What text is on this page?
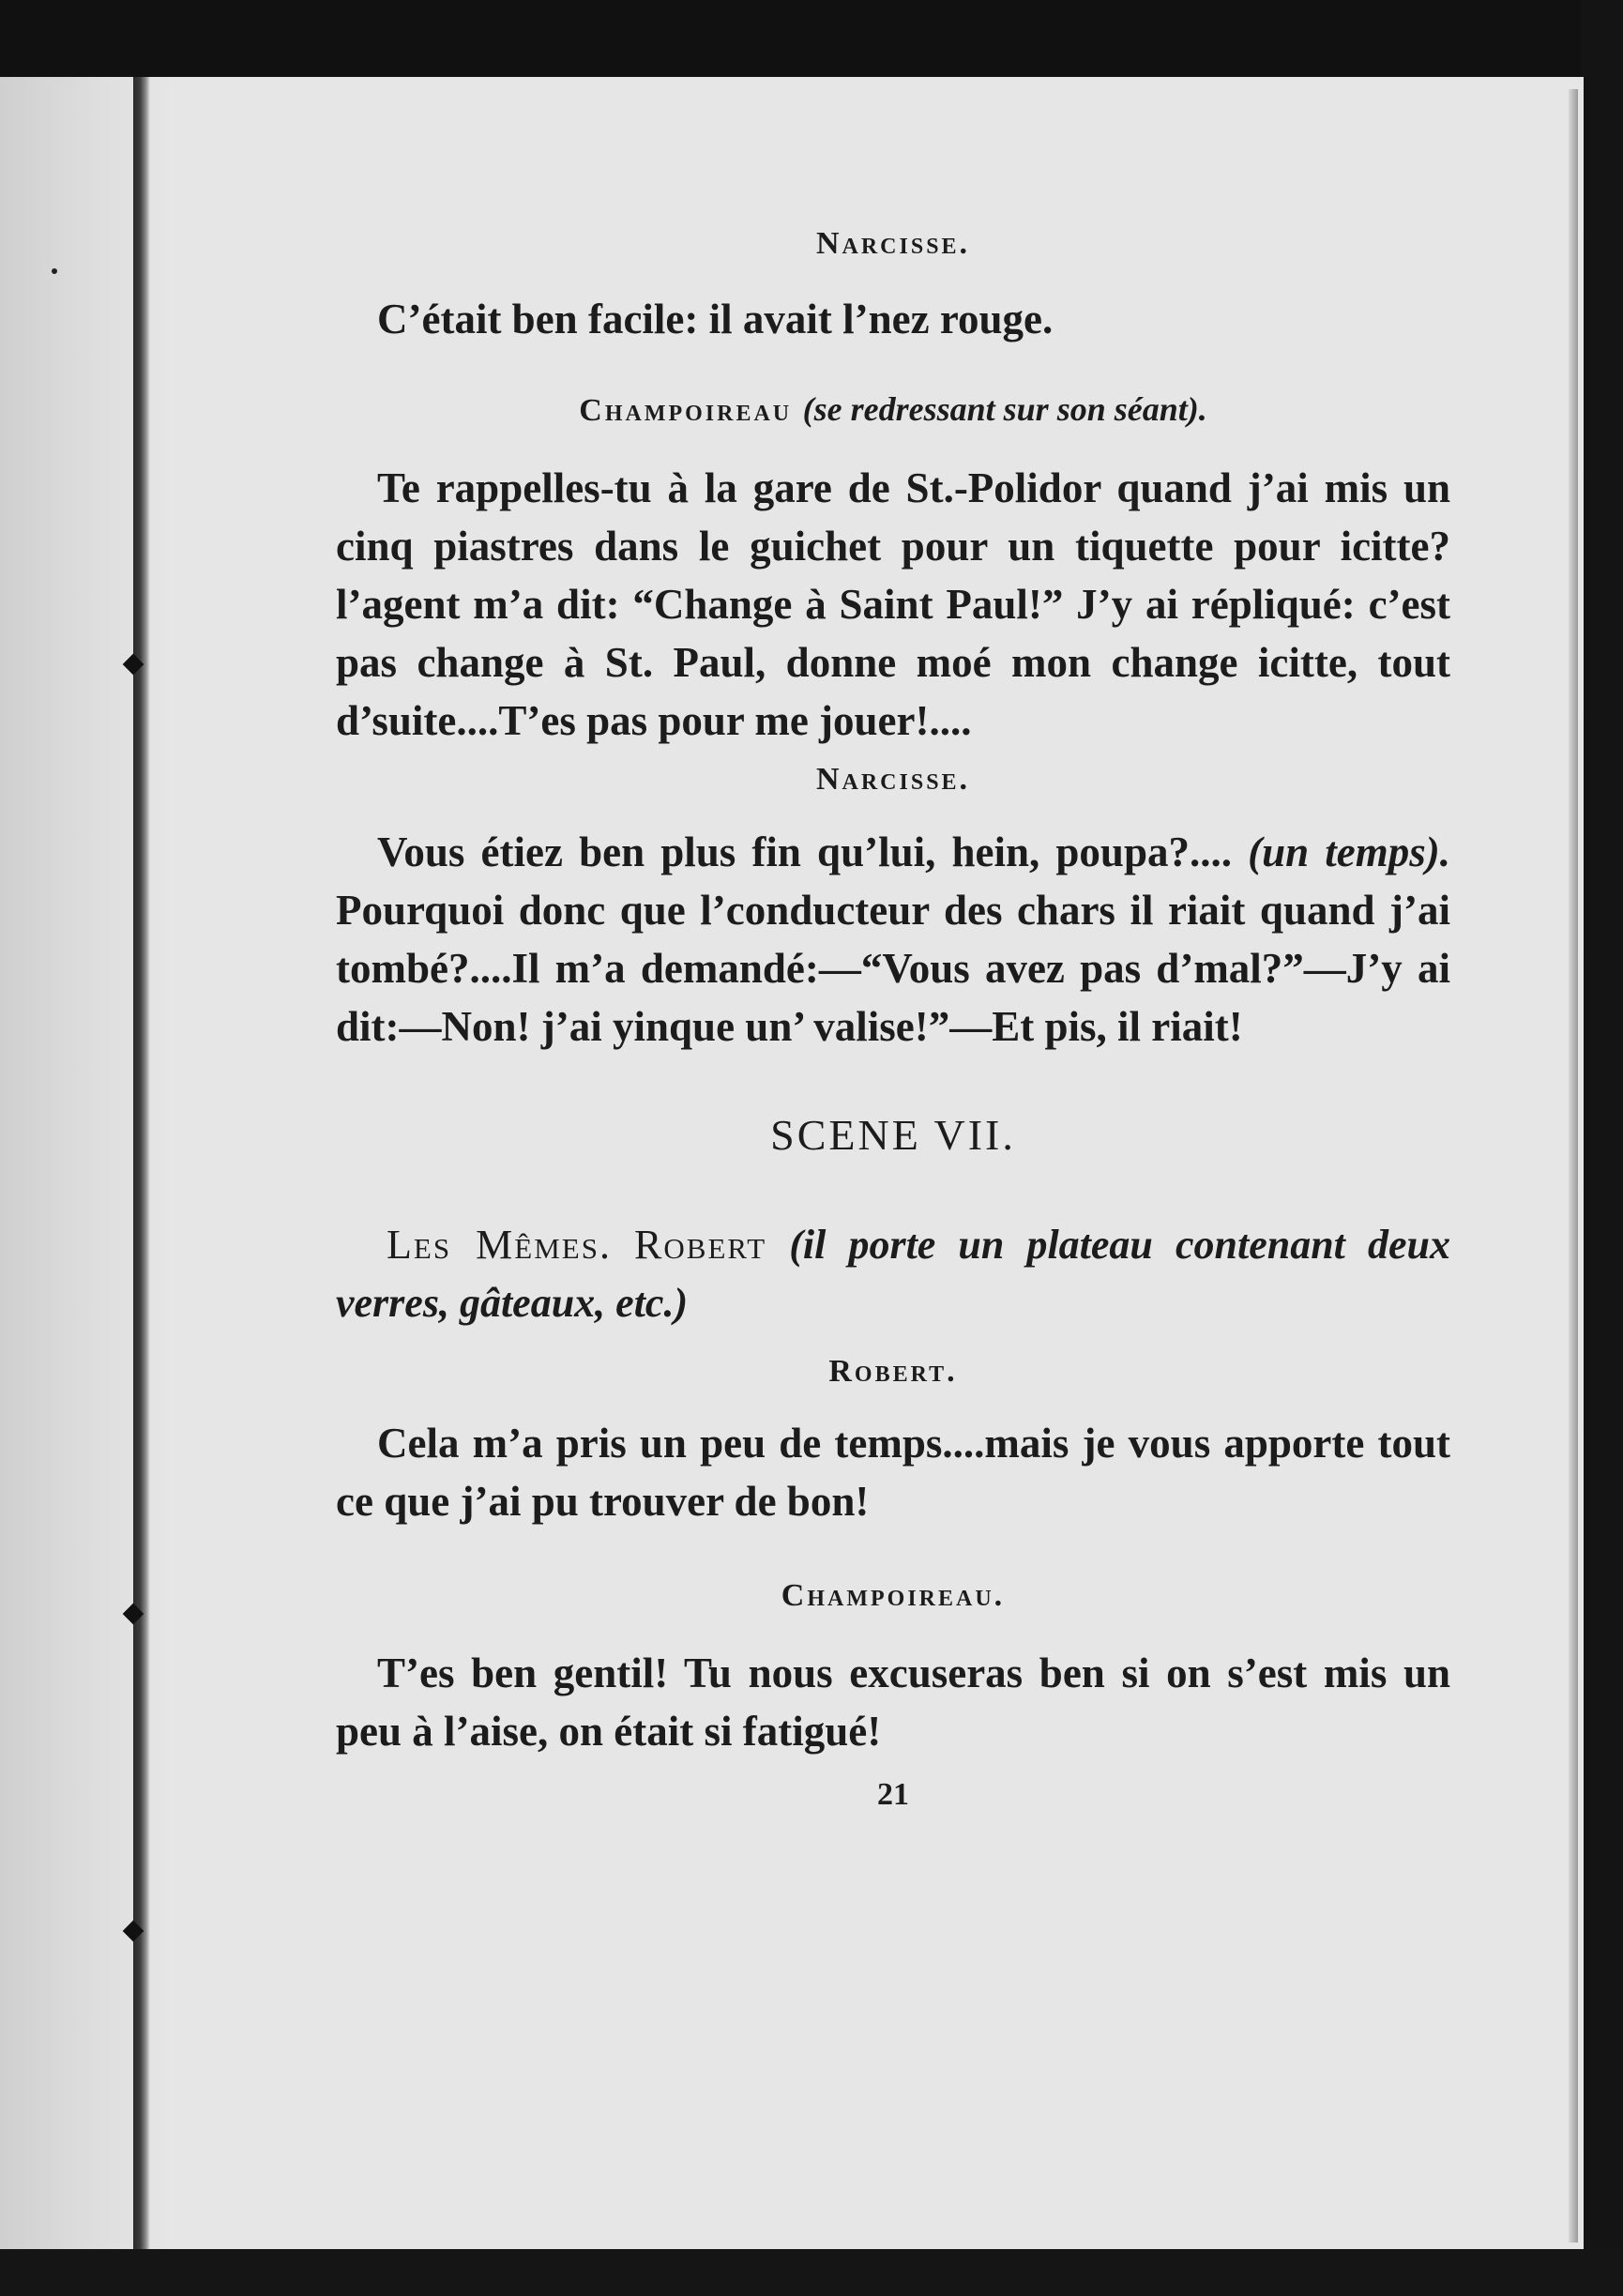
Narcisse.

C’était ben facile: il avait l’nez rouge.

Champoireau (se redressant sur son séant).

Te rappelles-tu à la gare de St.-Polidor quand j’ai mis un cinq piastres dans le guichet pour un tiquette pour icitte? l’agent m’a dit: “Change à Saint Paul!” J’y ai répliqué: c’est pas change à St. Paul, donne moé mon change icitte, tout d’suite....T’es pas pour me jouer!....

Narcisse.

Vous étiez ben plus fin qu’lui, hein, poupa?.... (un temps). Pourquoi donc que l’conducteur des chars il riait quand j’ai tombé?....Il m’a demandé:—“Vous avez pas d’mal?”—J’y ai dit:—Non! j’ai yinque un’ valise!”—Et pis, il riait!

SCENE VII.

Les Mêmes. Robert (il porte un plateau contenant deux verres, gâteaux, etc.)

Robert.

Cela m’a pris un peu de temps....mais je vous apporte tout ce que j’ai pu trouver de bon!

Champoireau.

T’es ben gentil! Tu nous excuseras ben si on s’est mis un peu à l’aise, on était si fatigué!

21
